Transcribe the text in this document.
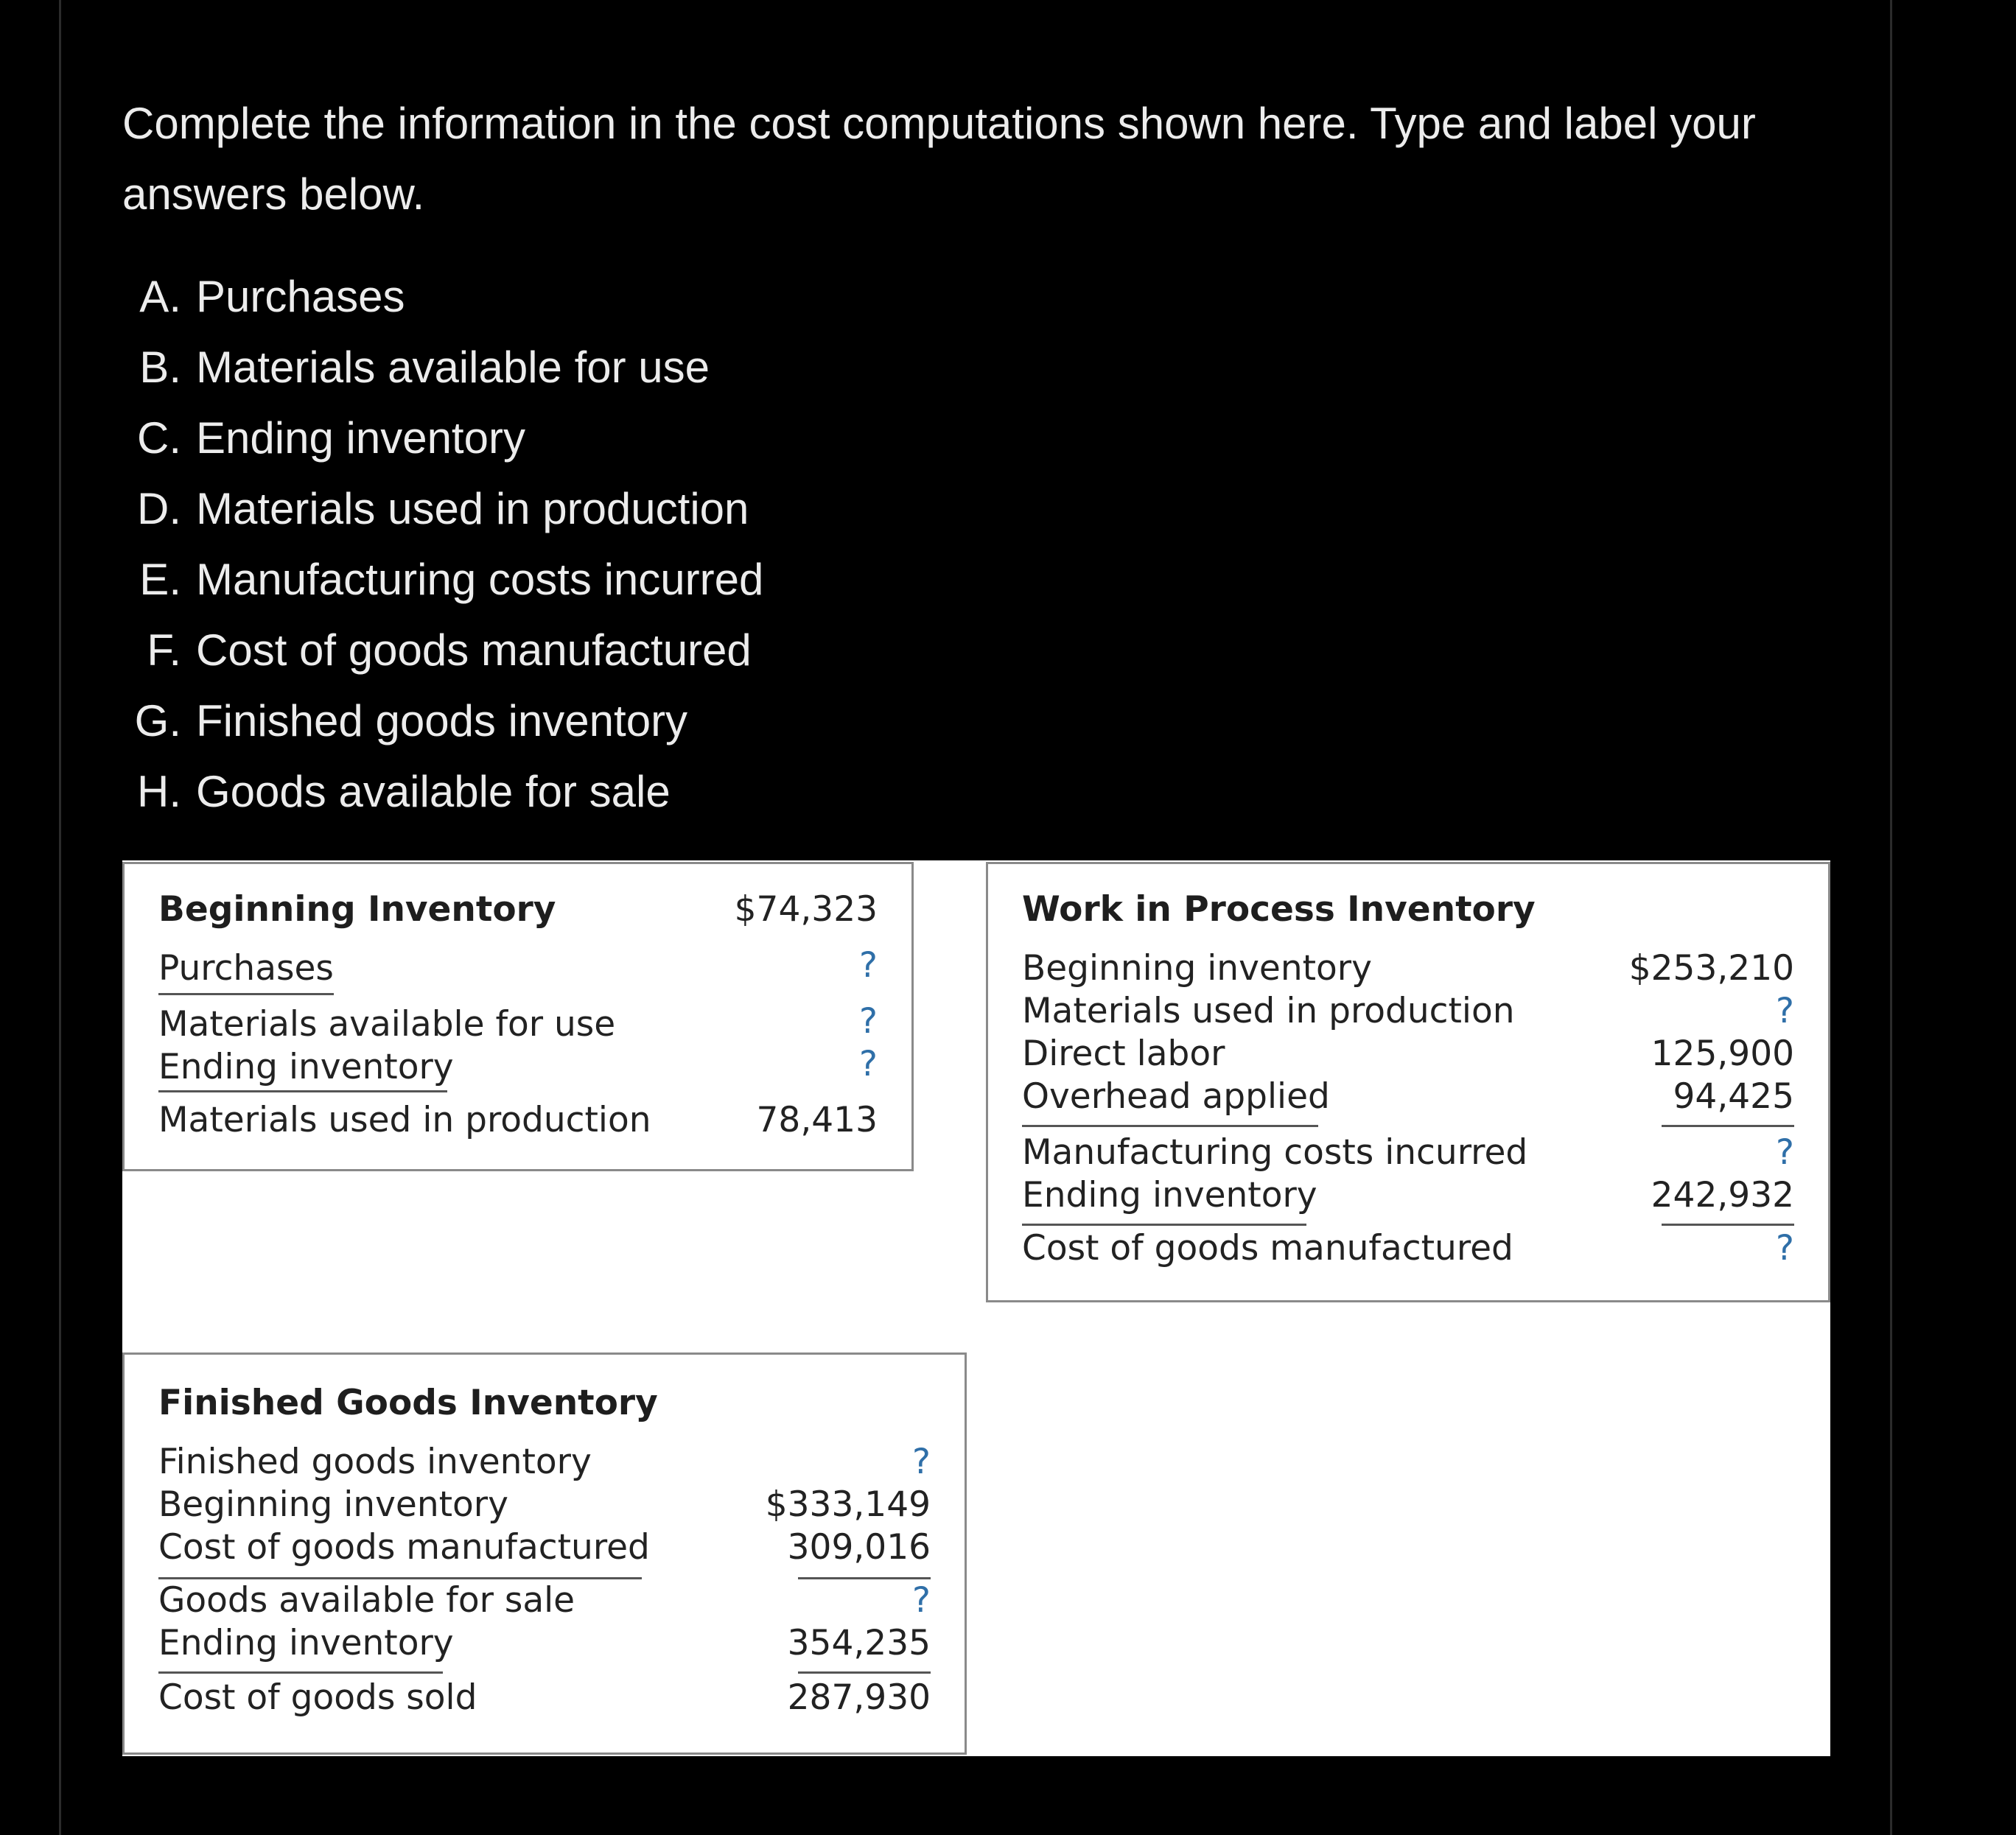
Complete the information in the cost computations shown here. Type and label your answers below.
A. Purchases
B. Materials available for use
C. Ending inventory
D. Materials used in production
E. Manufacturing costs incurred
F. Cost of goods manufactured
G. Finished goods inventory
H. Goods available for sale
Beginning Inventory	$74,323
Purchases	?
Materials available for use	?
Ending inventory	?
Materials used in production	78,413
Work in Process Inventory
Beginning inventory	$253,210
Materials used in production	?
Direct labor	125,900
Overhead applied	94,425
Manufacturing costs incurred	?
Ending inventory	242,932
Cost of goods manufactured	?
Finished Goods Inventory
Finished goods inventory	?
Beginning inventory	$333,149
Cost of goods manufactured	309,016
Goods available for sale	?
Ending inventory	354,235
Cost of goods sold	287,930
